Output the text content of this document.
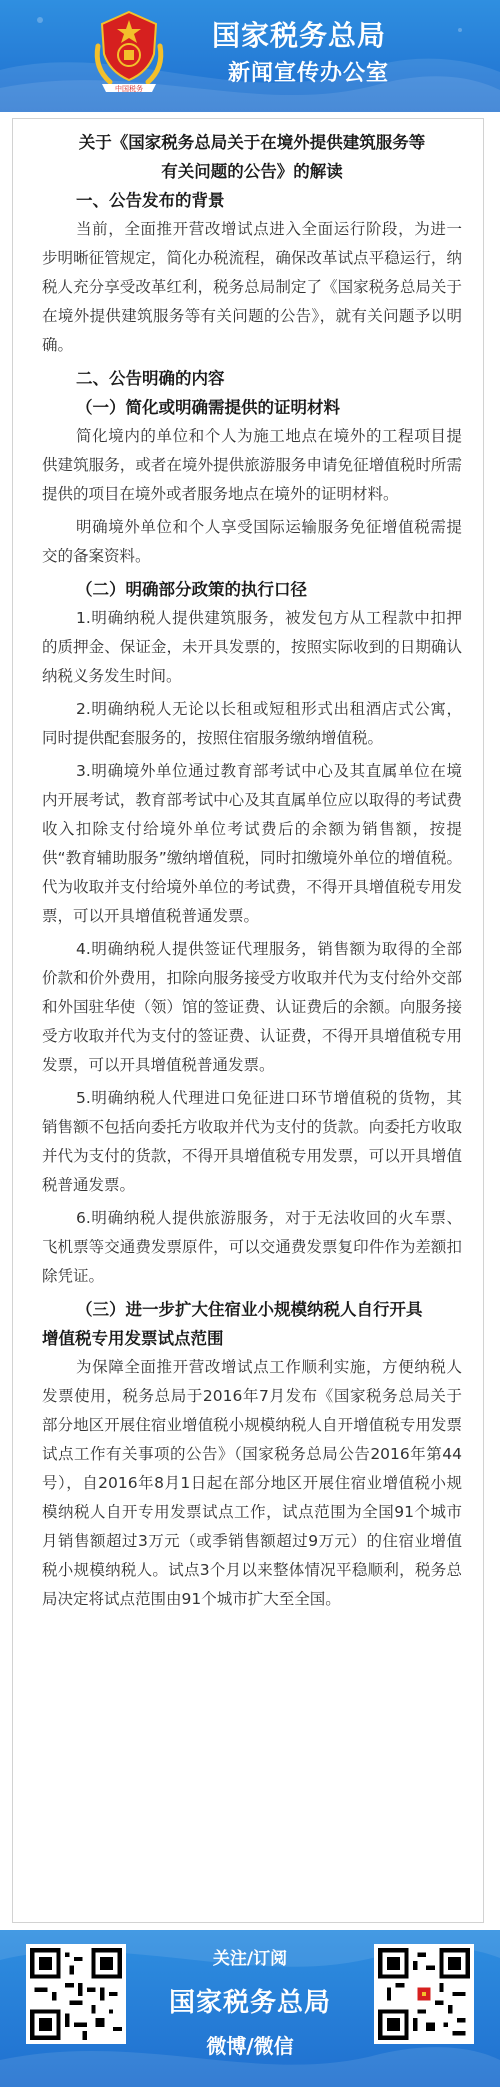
中国税务
国家税务总局
新闻宣传办公室

关于《国家税务总局关于在境外提供建筑服务等

有关问题的公告》的解读

一、公告发布的背景

当前，全面推开营改增试点进入全面运行阶段，为进一步明晰征管规定，简化办税流程，确保改革试点平稳运行，纳税人充分享受改革红利，税务总局制定了《国家税务总局关于在境外提供建筑服务等有关问题的公告》，就有关问题予以明确。

二、公告明确的内容

（一）简化或明确需提供的证明材料

简化境内的单位和个人为施工地点在境外的工程项目提供建筑服务，或者在境外提供旅游服务申请免征增值税时所需提供的项目在境外或者服务地点在境外的证明材料。

明确境外单位和个人享受国际运输服务免征增值税需提交的备案资料。

（二）明确部分政策的执行口径

1.明确纳税人提供建筑服务，被发包方从工程款中扣押的质押金、保证金，未开具发票的，按照实际收到的日期确认纳税义务发生时间。

2.明确纳税人无论以长租或短租形式出租酒店式公寓，同时提供配套服务的，按照住宿服务缴纳增值税。

3.明确境外单位通过教育部考试中心及其直属单位在境内开展考试，教育部考试中心及其直属单位应以取得的考试费收入扣除支付给境外单位考试费后的余额为销售额，按提供“教育辅助服务”缴纳增值税，同时扣缴境外单位的增值税。代为收取并支付给境外单位的考试费，不得开具增值税专用发票，可以开具增值税普通发票。

4.明确纳税人提供签证代理服务，销售额为取得的全部价款和价外费用，扣除向服务接受方收取并代为支付给外交部和外国驻华使（领）馆的签证费、认证费后的余额。向服务接受方收取并代为支付的签证费、认证费，不得开具增值税专用发票，可以开具增值税普通发票。

5.明确纳税人代理进口免征进口环节增值税的货物，其销售额不包括向委托方收取并代为支付的货款。向委托方收取并代为支付的货款，不得开具增值税专用发票，可以开具增值税普通发票。

6.明确纳税人提供旅游服务，对于无法收回的火车票、飞机票等交通费发票原件，可以交通费发票复印件作为差额扣除凭证。

（三）进一步扩大住宿业小规模纳税人自行开具

增值税专用发票试点范围

为保障全面推开营改增试点工作顺利实施，方便纳税人发票使用，税务总局于2016年7月发布《国家税务总局关于部分地区开展住宿业增值税小规模纳税人自开增值税专用发票试点工作有关事项的公告》（国家税务总局公告2016年第44号），自2016年8月1日起在部分地区开展住宿业增值税小规模纳税人自开专用发票试点工作，试点范围为全国91个城市月销售额超过3万元（或季销售额超过9万元）的住宿业增值税小规模纳税人。试点3个月以来整体情况平稳顺利，税务总局决定将试点范围由91个城市扩大至全国。

关注/订阅
国家税务总局
微博/微信
